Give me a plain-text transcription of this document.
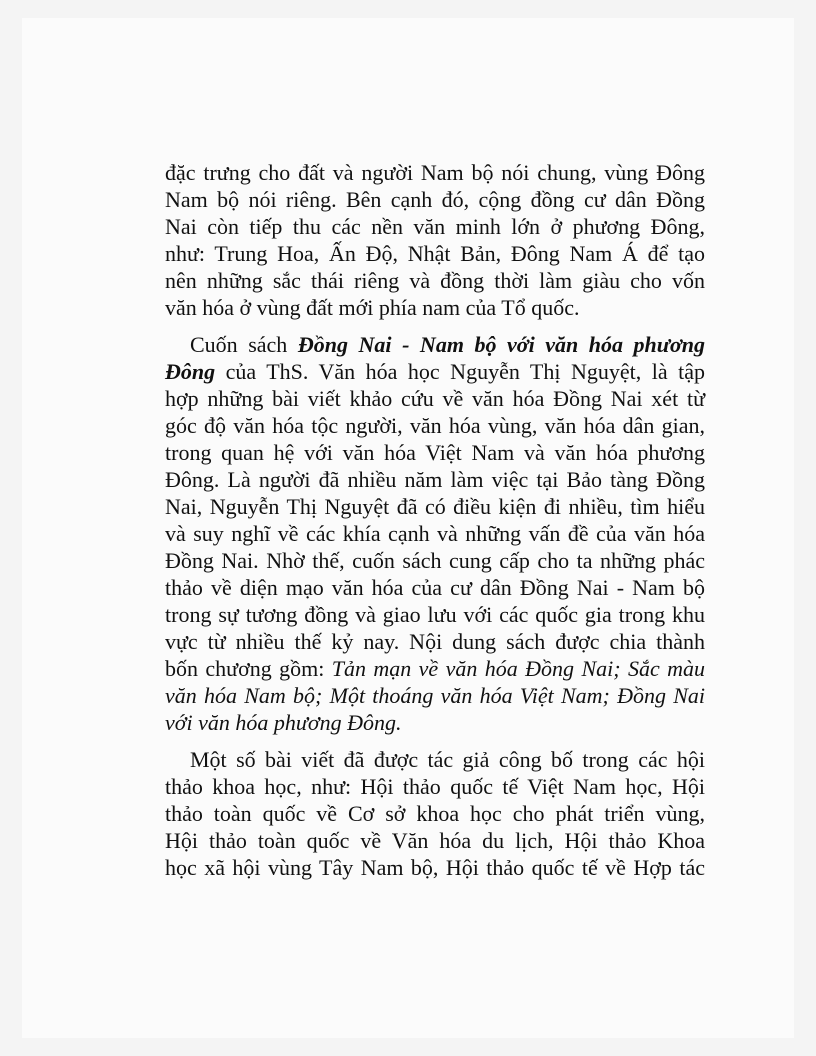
đặc trưng cho đất và người Nam bộ nói chung, vùng Đông
Nam bộ nói riêng. Bên cạnh đó, cộng đồng cư dân Đồng
Nai còn tiếp thu các nền văn minh lớn ở phương Đông,
như: Trung Hoa, Ấn Độ, Nhật Bản, Đông Nam Á để tạo
nên những sắc thái riêng và đồng thời làm giàu cho vốn
văn hóa ở vùng đất mới phía nam của Tổ quốc.
Cuốn sách Đồng Nai - Nam bộ với văn hóa phương
Đông của ThS. Văn hóa học Nguyễn Thị Nguyệt, là tập
hợp những bài viết khảo cứu về văn hóa Đồng Nai xét từ
góc độ văn hóa tộc người, văn hóa vùng, văn hóa dân gian,
trong quan hệ với văn hóa Việt Nam và văn hóa phương
Đông. Là người đã nhiều năm làm việc tại Bảo tàng Đồng
Nai, Nguyễn Thị Nguyệt đã có điều kiện đi nhiều, tìm hiểu
và suy nghĩ về các khía cạnh và những vấn đề của văn hóa
Đồng Nai. Nhờ thế, cuốn sách cung cấp cho ta những phác
thảo về diện mạo văn hóa của cư dân Đồng Nai - Nam bộ
trong sự tương đồng và giao lưu với các quốc gia trong khu
vực từ nhiều thế kỷ nay. Nội dung sách được chia thành
bốn chương gồm: Tản mạn về văn hóa Đồng Nai; Sắc màu
văn hóa Nam bộ; Một thoáng văn hóa Việt Nam; Đồng Nai
với văn hóa phương Đông.
Một số bài viết đã được tác giả công bố trong các hội
thảo khoa học, như: Hội thảo quốc tế Việt Nam học, Hội
thảo toàn quốc về Cơ sở khoa học cho phát triển vùng,
Hội thảo toàn quốc về Văn hóa du lịch, Hội thảo Khoa
học xã hội vùng Tây Nam bộ, Hội thảo quốc tế về Hợp tác
